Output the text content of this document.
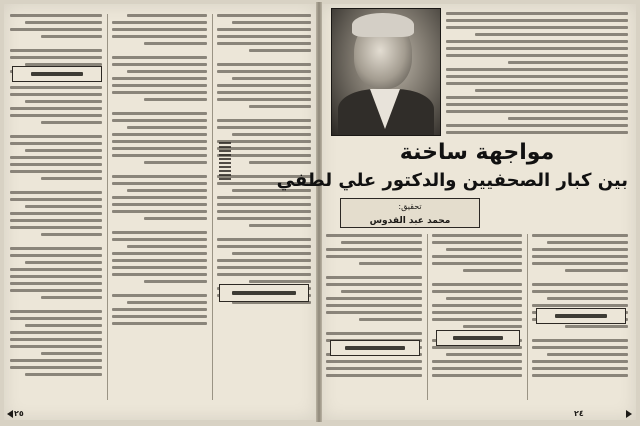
٢٥
مواجهة ساخنة
بين كبار الصحفيين والدكتور علي لطفي
تحقيق:
محمد عبد القدوس
٢٤
